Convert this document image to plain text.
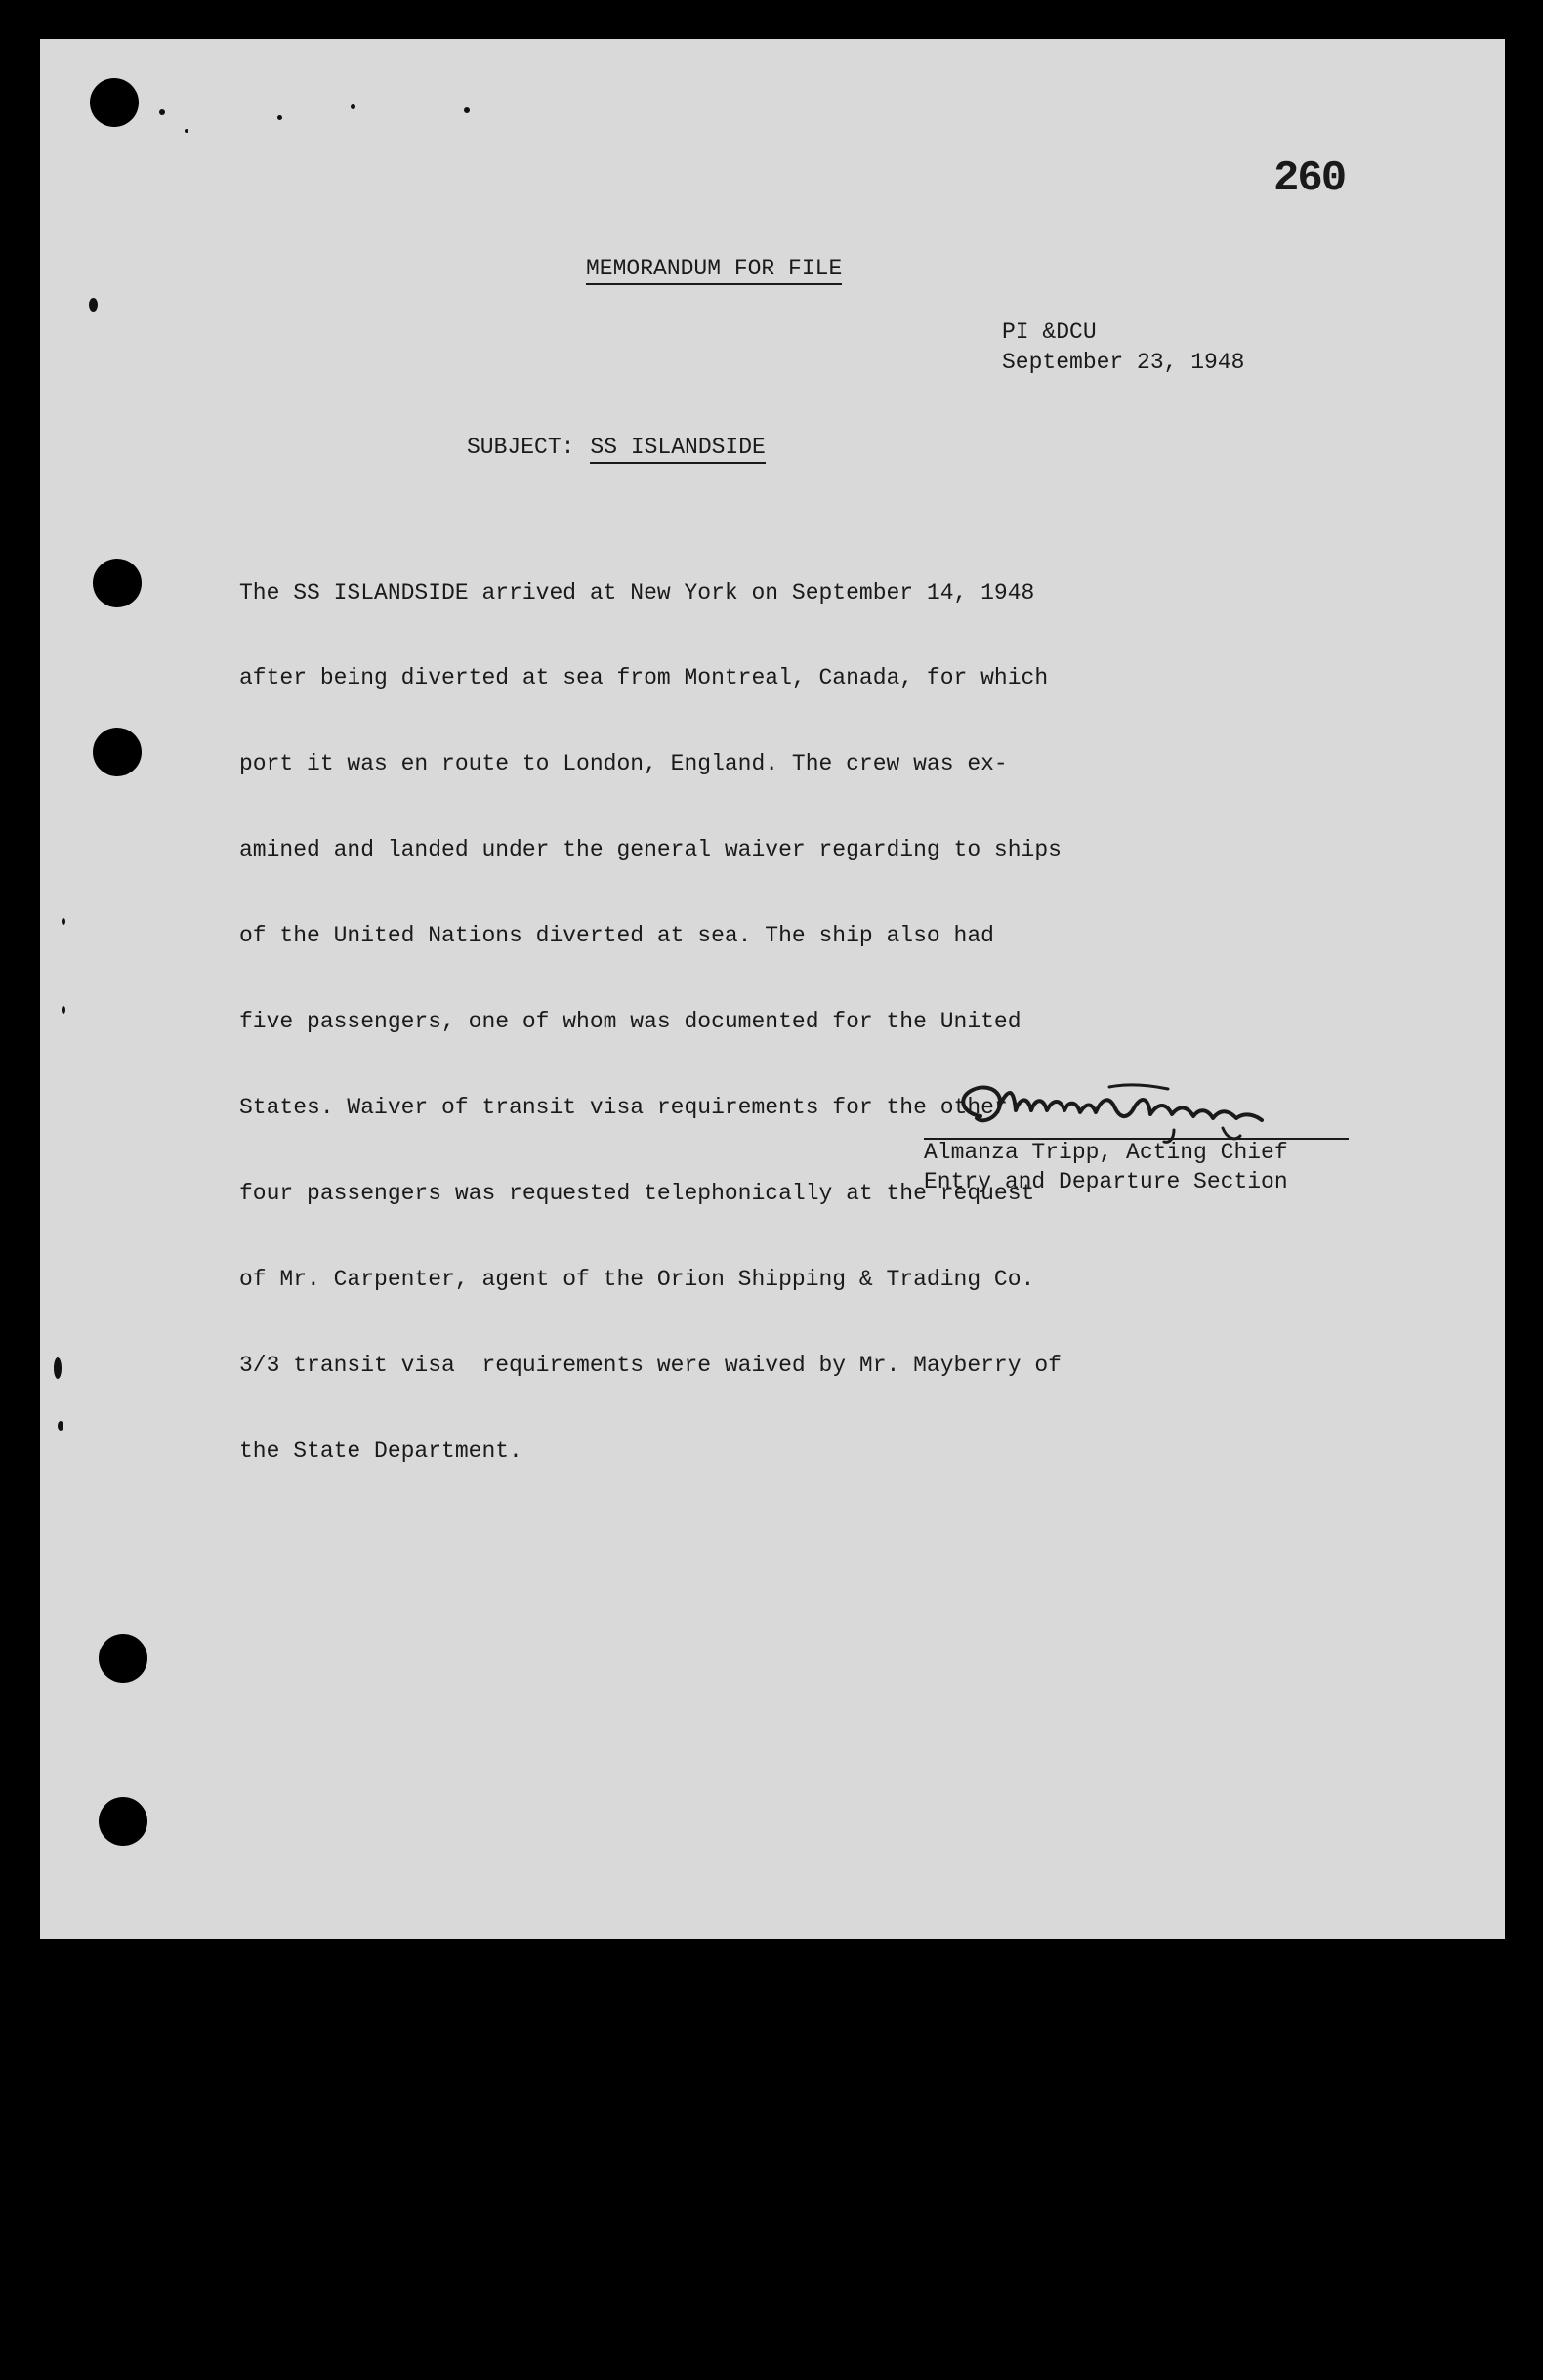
260
MEMORANDUM FOR FILE
PI &DCU
September 23, 1948
SUBJECT: SS ISLANDSIDE

The SS ISLANDSIDE arrived at New York on September 14, 1948

after being diverted at sea from Montreal, Canada, for which

port it was en route to London, England. The crew was ex-

amined and landed under the general waiver regarding to ships

of the United Nations diverted at sea. The ship also had

five passengers, one of whom was documented for the United

States. Waiver of transit visa requirements for the other

four passengers was requested telephonically at the request

of Mr. Carpenter, agent of the Orion Shipping & Trading Co.

3/3 transit visa  requirements were waived by Mr. Mayberry of

the State Department.

Almanza Tripp, Acting Chief
Entry and Departure Section
